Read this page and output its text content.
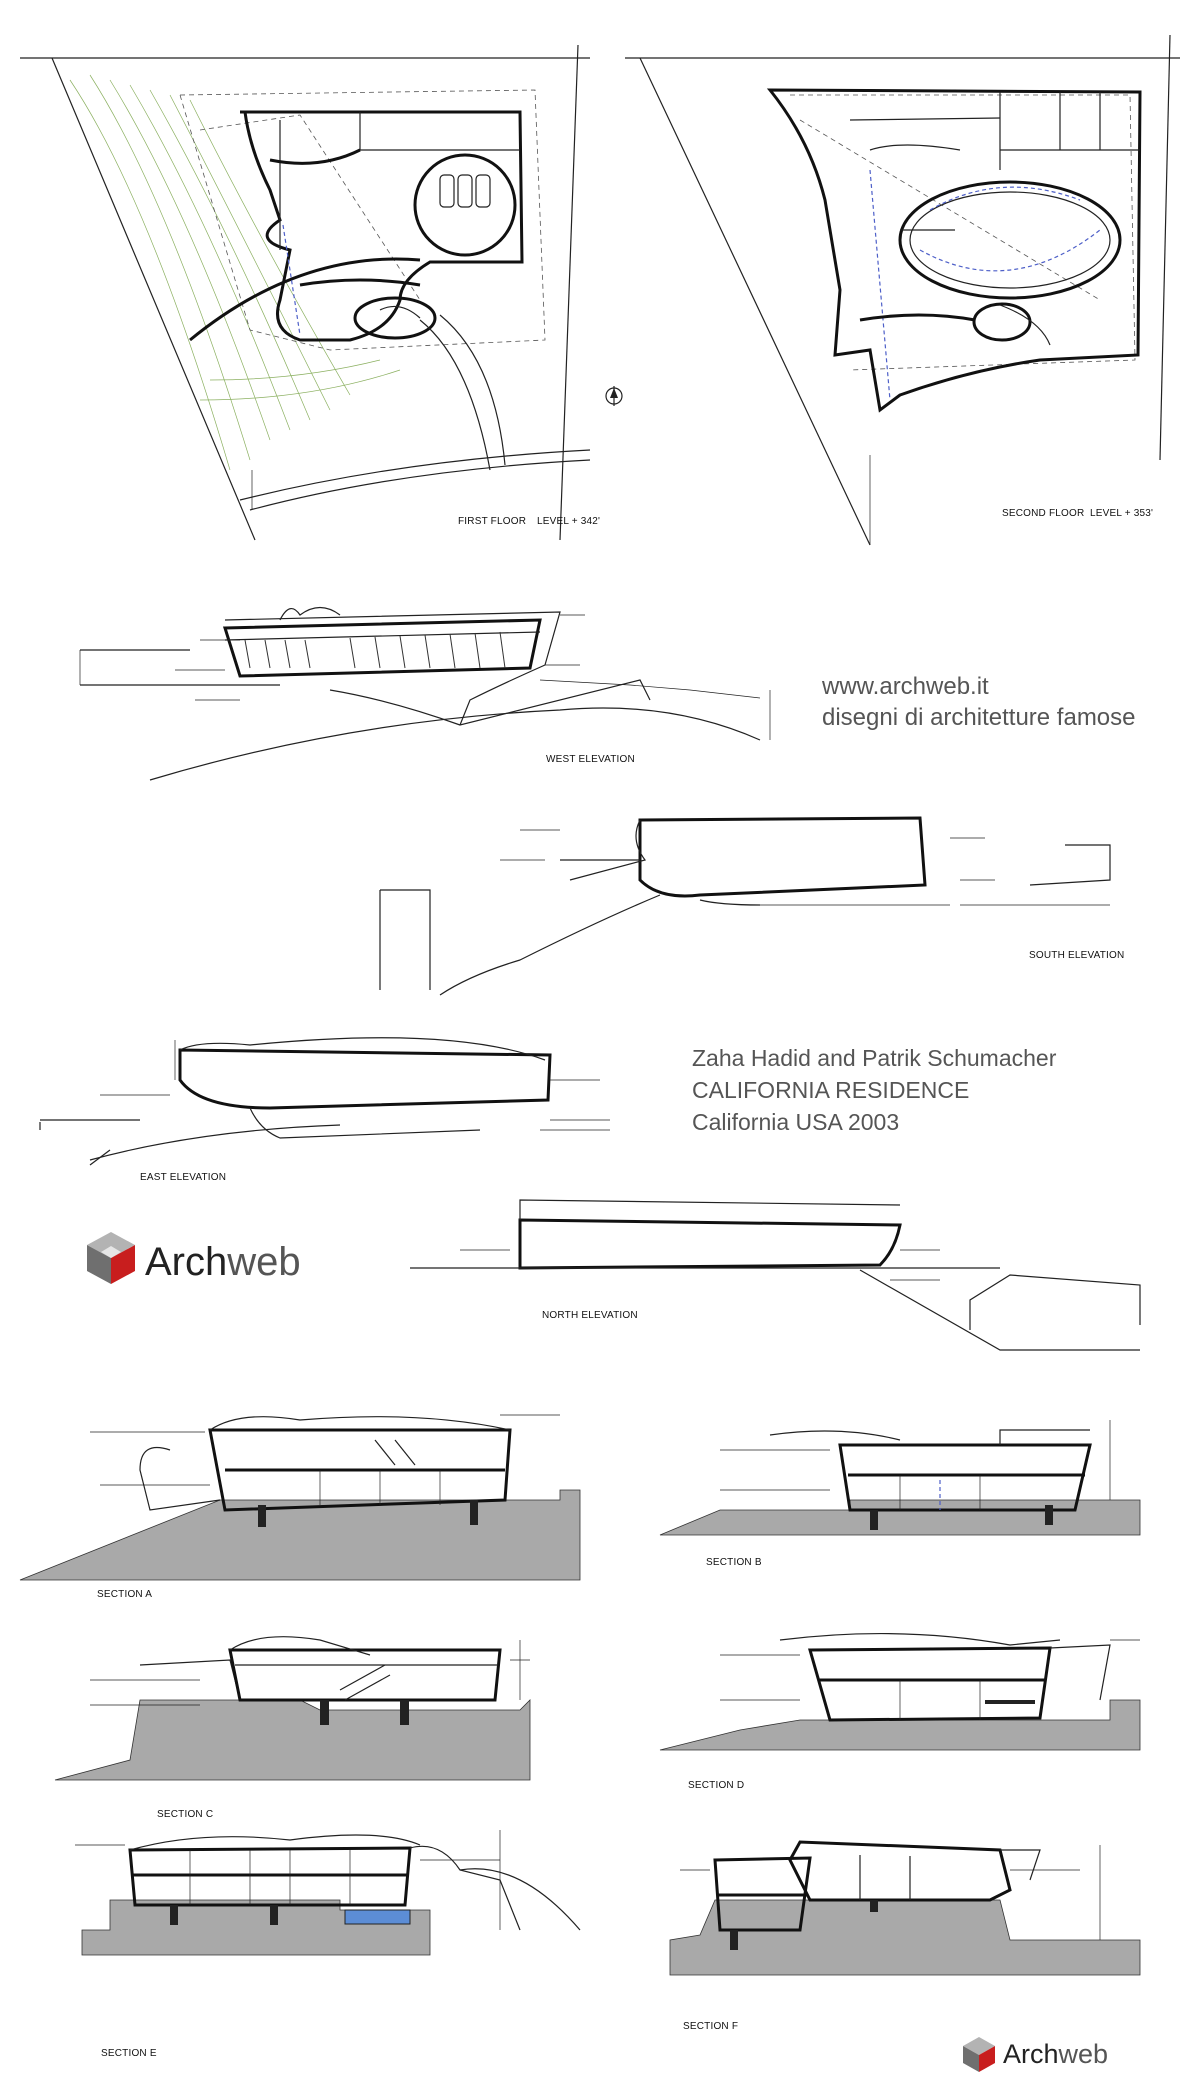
FIRST FLOOR LEVEL + 342'
SECOND FLOOR LEVEL + 353'
WEST ELEVATION
SOUTH ELEVATION
EAST ELEVATION
NORTH ELEVATION
SECTION A
SECTION B
SECTION C
SECTION D
SECTION E
SECTION F
www.archweb.it
disegni di architetture famose
Zaha Hadid and Patrik Schumacher
CALIFORNIA RESIDENCE
California USA 2003
Archweb
Archweb
